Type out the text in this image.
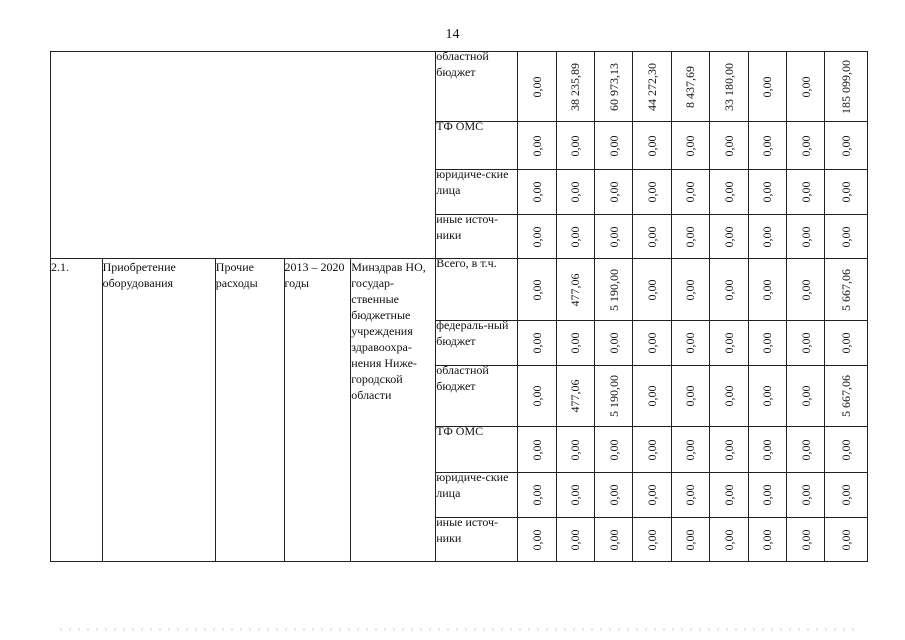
14

					областной бюджет	0,00	38 235,89	60 973,13	44 272,30	8 437,69	33 180,00	0,00	0,00	185 099,00

					ТФ ОМС	0,00	0,00	0,00	0,00	0,00	0,00	0,00	0,00	0,00

					юридиче-ские лица	0,00	0,00	0,00	0,00	0,00	0,00	0,00	0,00	0,00

					иные источ-ники	0,00	0,00	0,00	0,00	0,00	0,00	0,00	0,00	0,00

2.1.	Приобретение оборудования	Прочие расходы	2013 – 2020 годы	Минздрав НО, государ-ственные бюджетные учреждения здравоохра-нения Ниже-городской области	Всего, в т.ч.	0,00	477,06	5 190,00	0,00	0,00	0,00	0,00	0,00	5 667,06

					федераль-ный бюджет	0,00	0,00	0,00	0,00	0,00	0,00	0,00	0,00	0,00

					областной бюджет	0,00	477,06	5 190,00	0,00	0,00	0,00	0,00	0,00	5 667,06

					ТФ ОМС	0,00	0,00	0,00	0,00	0,00	0,00	0,00	0,00	0,00

					юридиче-ские лица	0,00	0,00	0,00	0,00	0,00	0,00	0,00	0,00	0,00

					иные источ-ники	0,00	0,00	0,00	0,00	0,00	0,00	0,00	0,00	0,00
